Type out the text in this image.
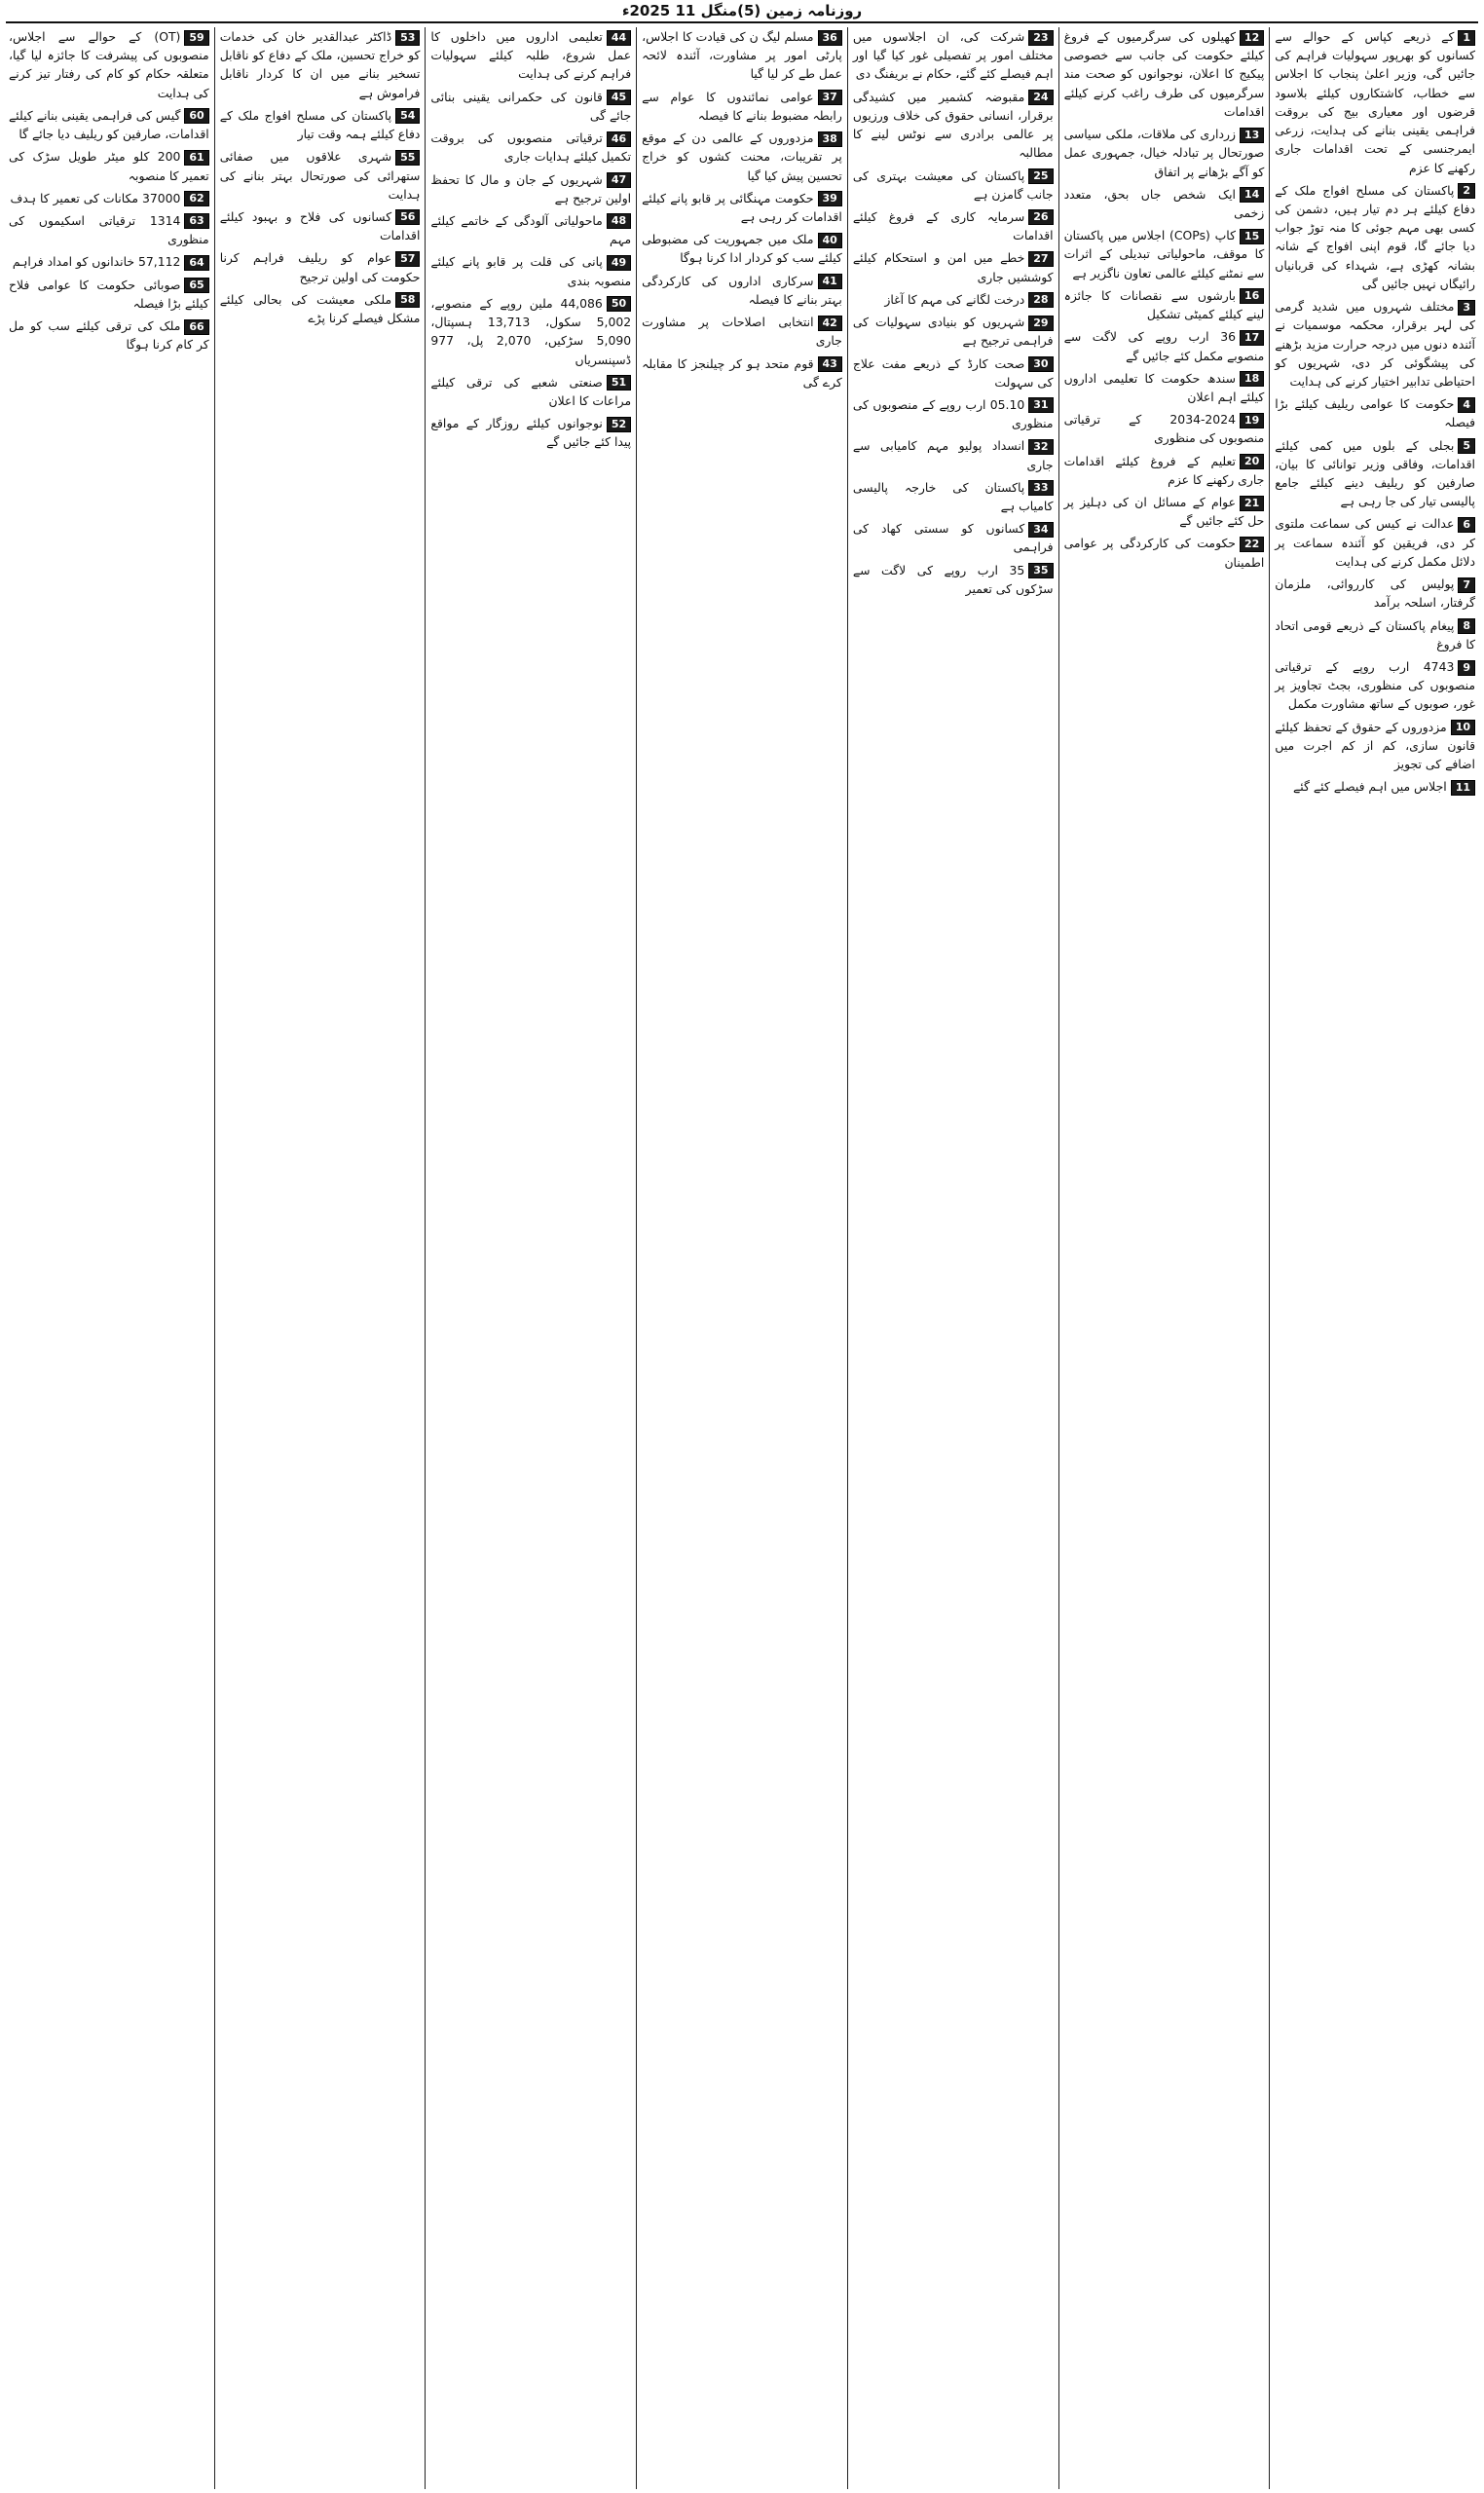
روزنامہ زمین (5)منگل 11 2025ء
1کے ذریعے کپاس کے حوالے سے کسانوں کو بھرپور سہولیات فراہم کی جائیں گی، وزیر اعلیٰ پنجاب کا اجلاس سے خطاب، کاشتکاروں کیلئے بلاسود قرضوں اور معیاری بیج کی بروقت فراہمی یقینی بنانے کی ہدایت، زرعی ایمرجنسی کے تحت اقدامات جاری رکھنے کا عزم
2پاکستان کی مسلح افواج ملک کے دفاع کیلئے ہر دم تیار ہیں، دشمن کی کسی بھی مہم جوئی کا منہ توڑ جواب دیا جائے گا، قوم اپنی افواج کے شانہ بشانہ کھڑی ہے، شہداء کی قربانیاں رائیگاں نہیں جائیں گی
3مختلف شہروں میں شدید گرمی کی لہر برقرار، محکمہ موسمیات نے آئندہ دنوں میں درجہ حرارت مزید بڑھنے کی پیشگوئی کر دی، شہریوں کو احتیاطی تدابیر اختیار کرنے کی ہدایت
4حکومت کا عوامی ریلیف کیلئے بڑا فیصلہ
5بجلی کے بلوں میں کمی کیلئے اقدامات، وفاقی وزیر توانائی کا بیان، صارفین کو ریلیف دینے کیلئے جامع پالیسی تیار کی جا رہی ہے
6عدالت نے کیس کی سماعت ملتوی کر دی، فریقین کو آئندہ سماعت پر دلائل مکمل کرنے کی ہدایت
7پولیس کی کارروائی، ملزمان گرفتار، اسلحہ برآمد
8پیغام پاکستان کے ذریعے قومی اتحاد کا فروغ
94743 ارب روپے کے ترقیاتی منصوبوں کی منظوری، بجٹ تجاویز پر غور، صوبوں کے ساتھ مشاورت مکمل
10مزدوروں کے حقوق کے تحفظ کیلئے قانون سازی، کم از کم اجرت میں اضافے کی تجویز
11اجلاس میں اہم فیصلے کئے گئے
12کھیلوں کی سرگرمیوں کے فروغ کیلئے حکومت کی جانب سے خصوصی پیکیج کا اعلان، نوجوانوں کو صحت مند سرگرمیوں کی طرف راغب کرنے کیلئے اقدامات
13زرداری کی ملاقات، ملکی سیاسی صورتحال پر تبادلہ خیال، جمہوری عمل کو آگے بڑھانے پر اتفاق
14ایک شخص جاں بحق، متعدد زخمی
15کاپ (COPs) اجلاس میں پاکستان کا موقف، ماحولیاتی تبدیلی کے اثرات سے نمٹنے کیلئے عالمی تعاون ناگزیر ہے
16بارشوں سے نقصانات کا جائزہ لینے کیلئے کمیٹی تشکیل
1736 ارب روپے کی لاگت سے منصوبے مکمل کئے جائیں گے
18سندھ حکومت کا تعلیمی اداروں کیلئے اہم اعلان
192034-2024 کے ترقیاتی منصوبوں کی منظوری
20تعلیم کے فروغ کیلئے اقدامات جاری رکھنے کا عزم
21عوام کے مسائل ان کی دہلیز پر حل کئے جائیں گے
22حکومت کی کارکردگی پر عوامی اطمینان
23شرکت کی، ان اجلاسوں میں مختلف امور پر تفصیلی غور کیا گیا اور اہم فیصلے کئے گئے، حکام نے بریفنگ دی
24مقبوضہ کشمیر میں کشیدگی برقرار، انسانی حقوق کی خلاف ورزیوں پر عالمی برادری سے نوٹس لینے کا مطالبہ
25پاکستان کی معیشت بہتری کی جانب گامزن ہے
26سرمایہ کاری کے فروغ کیلئے اقدامات
27خطے میں امن و استحکام کیلئے کوششیں جاری
28درخت لگانے کی مہم کا آغاز
29شہریوں کو بنیادی سہولیات کی فراہمی ترجیح ہے
30صحت کارڈ کے ذریعے مفت علاج کی سہولت
3105.10 ارب روپے کے منصوبوں کی منظوری
32انسداد پولیو مہم کامیابی سے جاری
33پاکستان کی خارجہ پالیسی کامیاب ہے
34کسانوں کو سستی کھاد کی فراہمی
3535 ارب روپے کی لاگت سے سڑکوں کی تعمیر
36مسلم لیگ ن کی قیادت کا اجلاس، پارٹی امور پر مشاورت، آئندہ لائحہ عمل طے کر لیا گیا
37عوامی نمائندوں کا عوام سے رابطہ مضبوط بنانے کا فیصلہ
38مزدوروں کے عالمی دن کے موقع پر تقریبات، محنت کشوں کو خراج تحسین پیش کیا گیا
39حکومت مہنگائی پر قابو پانے کیلئے اقدامات کر رہی ہے
40ملک میں جمہوریت کی مضبوطی کیلئے سب کو کردار ادا کرنا ہوگا
41سرکاری اداروں کی کارکردگی بہتر بنانے کا فیصلہ
42انتخابی اصلاحات پر مشاورت جاری
43قوم متحد ہو کر چیلنجز کا مقابلہ کرے گی
44تعلیمی اداروں میں داخلوں کا عمل شروع، طلبہ کیلئے سہولیات فراہم کرنے کی ہدایت
45قانون کی حکمرانی یقینی بنائی جائے گی
46ترقیاتی منصوبوں کی بروقت تکمیل کیلئے ہدایات جاری
47شہریوں کے جان و مال کا تحفظ اولین ترجیح ہے
48ماحولیاتی آلودگی کے خاتمے کیلئے مہم
49پانی کی قلت پر قابو پانے کیلئے منصوبہ بندی
5044,086 ملین روپے کے منصوبے، 5,002 سکول، 13,713 ہسپتال، 5,090 سڑکیں، 2,070 پل، 977 ڈسپنسریاں
51صنعتی شعبے کی ترقی کیلئے مراعات کا اعلان
52نوجوانوں کیلئے روزگار کے مواقع پیدا کئے جائیں گے
53ڈاکٹر عبدالقدیر خان کی خدمات کو خراج تحسین، ملک کے دفاع کو ناقابل تسخیر بنانے میں ان کا کردار ناقابل فراموش ہے
54پاکستان کی مسلح افواج ملک کے دفاع کیلئے ہمہ وقت تیار
55شہری علاقوں میں صفائی ستھرائی کی صورتحال بہتر بنانے کی ہدایت
56کسانوں کی فلاح و بہبود کیلئے اقدامات
57عوام کو ریلیف فراہم کرنا حکومت کی اولین ترجیح
58ملکی معیشت کی بحالی کیلئے مشکل فیصلے کرنا پڑے
59(OT) کے حوالے سے اجلاس، منصوبوں کی پیشرفت کا جائزہ لیا گیا، متعلقہ حکام کو کام کی رفتار تیز کرنے کی ہدایت
60گیس کی فراہمی یقینی بنانے کیلئے اقدامات، صارفین کو ریلیف دیا جائے گا
61200 کلو میٹر طویل سڑک کی تعمیر کا منصوبہ
6237000 مکانات کی تعمیر کا ہدف
631314 ترقیاتی اسکیموں کی منظوری
6457,112 خاندانوں کو امداد فراہم
65صوبائی حکومت کا عوامی فلاح کیلئے بڑا فیصلہ
66ملک کی ترقی کیلئے سب کو مل کر کام کرنا ہوگا
